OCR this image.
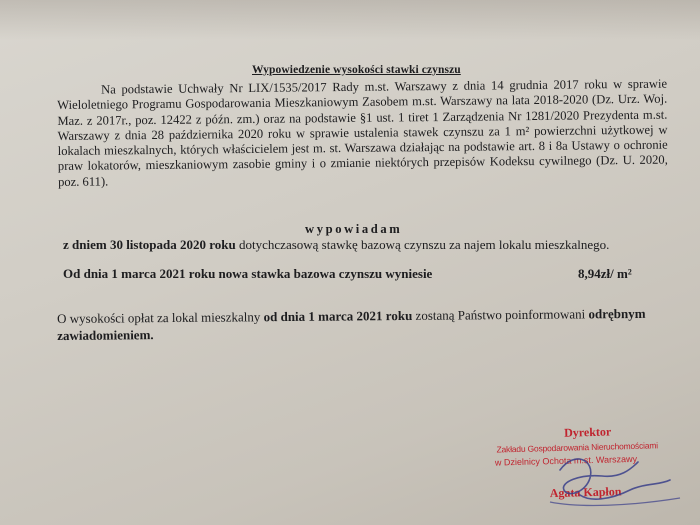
Wypowiedzenie wysokości stawki czynszu
Na podstawie Uchwały Nr LIX/1535/2017 Rady m.st. Warszawy z dnia 14 grudnia 2017 roku w sprawie Wieloletniego Programu Gospodarowania Mieszkaniowym Zasobem m.st. Warszawy na lata 2018-2020 (Dz. Urz. Woj. Maz. z 2017r., poz. 12422 z późn. zm.) oraz na podstawie §1 ust. 1 tiret 1 Zarządzenia Nr 1281/2020 Prezydenta m.st. Warszawy z dnia 28 października 2020 roku w sprawie ustalenia stawek czynszu za 1 m² powierzchni użytkowej w lokalach mieszkalnych, których właścicielem jest m. st. Warszawa działając na podstawie art. 8 i 8a Ustawy o ochronie praw lokatorów, mieszkaniowym zasobie gminy i o zmianie niektórych przepisów Kodeksu cywilnego (Dz. U. 2020, poz. 611).
wypowiadam
z dniem 30 listopada 2020 roku dotychczasową stawkę bazową czynszu za najem lokalu mieszkalnego.
Od dnia 1 marca 2021 roku nowa stawka bazowa czynszu wyniesie	8,94zł/ m²
O wysokości opłat za lokal mieszkalny od dnia 1 marca 2021 roku zostaną Państwo poinformowani odrębnym zawiadomieniem.
Dyrektor
Zakładu Gospodarowania Nieruchomościami
w Dzielnicy Ochota m.st. Warszawy
Agata Kapłon
